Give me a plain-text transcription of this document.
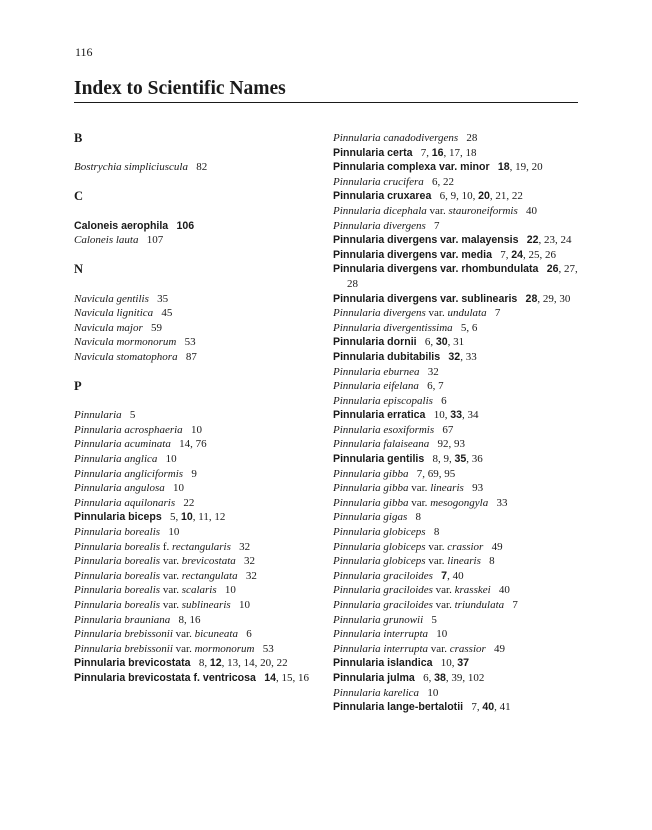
116
Index to Scientific Names
B
Bostrychia simpliciuscula  82
C
Caloneis aerophila  106
Caloneis lauta  107
N
Navicula gentilis  35
Navicula lignitica  45
Navicula major  59
Navicula mormonorum  53
Navicula stomatophora  87
P
Pinnularia  5
Pinnularia acrosphaeria  10
Pinnularia acuminata  14, 76
Pinnularia anglica  10
Pinnularia angliciformis  9
Pinnularia angulosa  10
Pinnularia aquilonaris  22
Pinnularia biceps  5, 10, 11, 12
Pinnularia borealis  10
Pinnularia borealis f. rectangularis  32
Pinnularia borealis var. brevicostata  32
Pinnularia borealis var. rectangulata  32
Pinnularia borealis var. scalaris  10
Pinnularia borealis var. sublinearis  10
Pinnularia brauniana  8, 16
Pinnularia brebissonii var. bicuneata  6
Pinnularia brebissonii var. mormonorum  53
Pinnularia brevicostata  8, 12, 13, 14, 20, 22
Pinnularia brevicostata f. ventricosa  14, 15, 16
Pinnularia canadodivergens  28
Pinnularia certa  7, 16, 17, 18
Pinnularia complexa var. minor  18, 19, 20
Pinnularia crucifera  6, 22
Pinnularia cruxarea  6, 9, 10, 20, 21, 22
Pinnularia dicephala var. stauroneiformis  40
Pinnularia divergens  7
Pinnularia divergens var. malayensis  22, 23, 24
Pinnularia divergens var. media  7, 24, 25, 26
Pinnularia divergens var. rhombundulata  26, 27, 28
Pinnularia divergens var. sublinearis  28, 29, 30
Pinnularia divergens var. undulata  7
Pinnularia divergentissima  5, 6
Pinnularia dornii  6, 30, 31
Pinnularia dubitabilis  32, 33
Pinnularia eburnea  32
Pinnularia eifelana  6, 7
Pinnularia episcopalis  6
Pinnularia erratica  10, 33, 34
Pinnularia esoxiformis  67
Pinnularia falaiseana  92, 93
Pinnularia gentilis  8, 9, 35, 36
Pinnularia gibba  7, 69, 95
Pinnularia gibba var. linearis  93
Pinnularia gibba var. mesogongyla  33
Pinnularia gigas  8
Pinnularia globiceps  8
Pinnularia globiceps var. crassior  49
Pinnularia globiceps var. linearis  8
Pinnularia graciloides  7, 40
Pinnularia graciloides var. krasskei  40
Pinnularia graciloides var. triundulata  7
Pinnularia grunowii  5
Pinnularia interrupta  10
Pinnularia interrupta var. crassior  49
Pinnularia islandica  10, 37
Pinnularia julma  6, 38, 39, 102
Pinnularia karelica  10
Pinnularia lange-bertalotii  7, 40, 41
